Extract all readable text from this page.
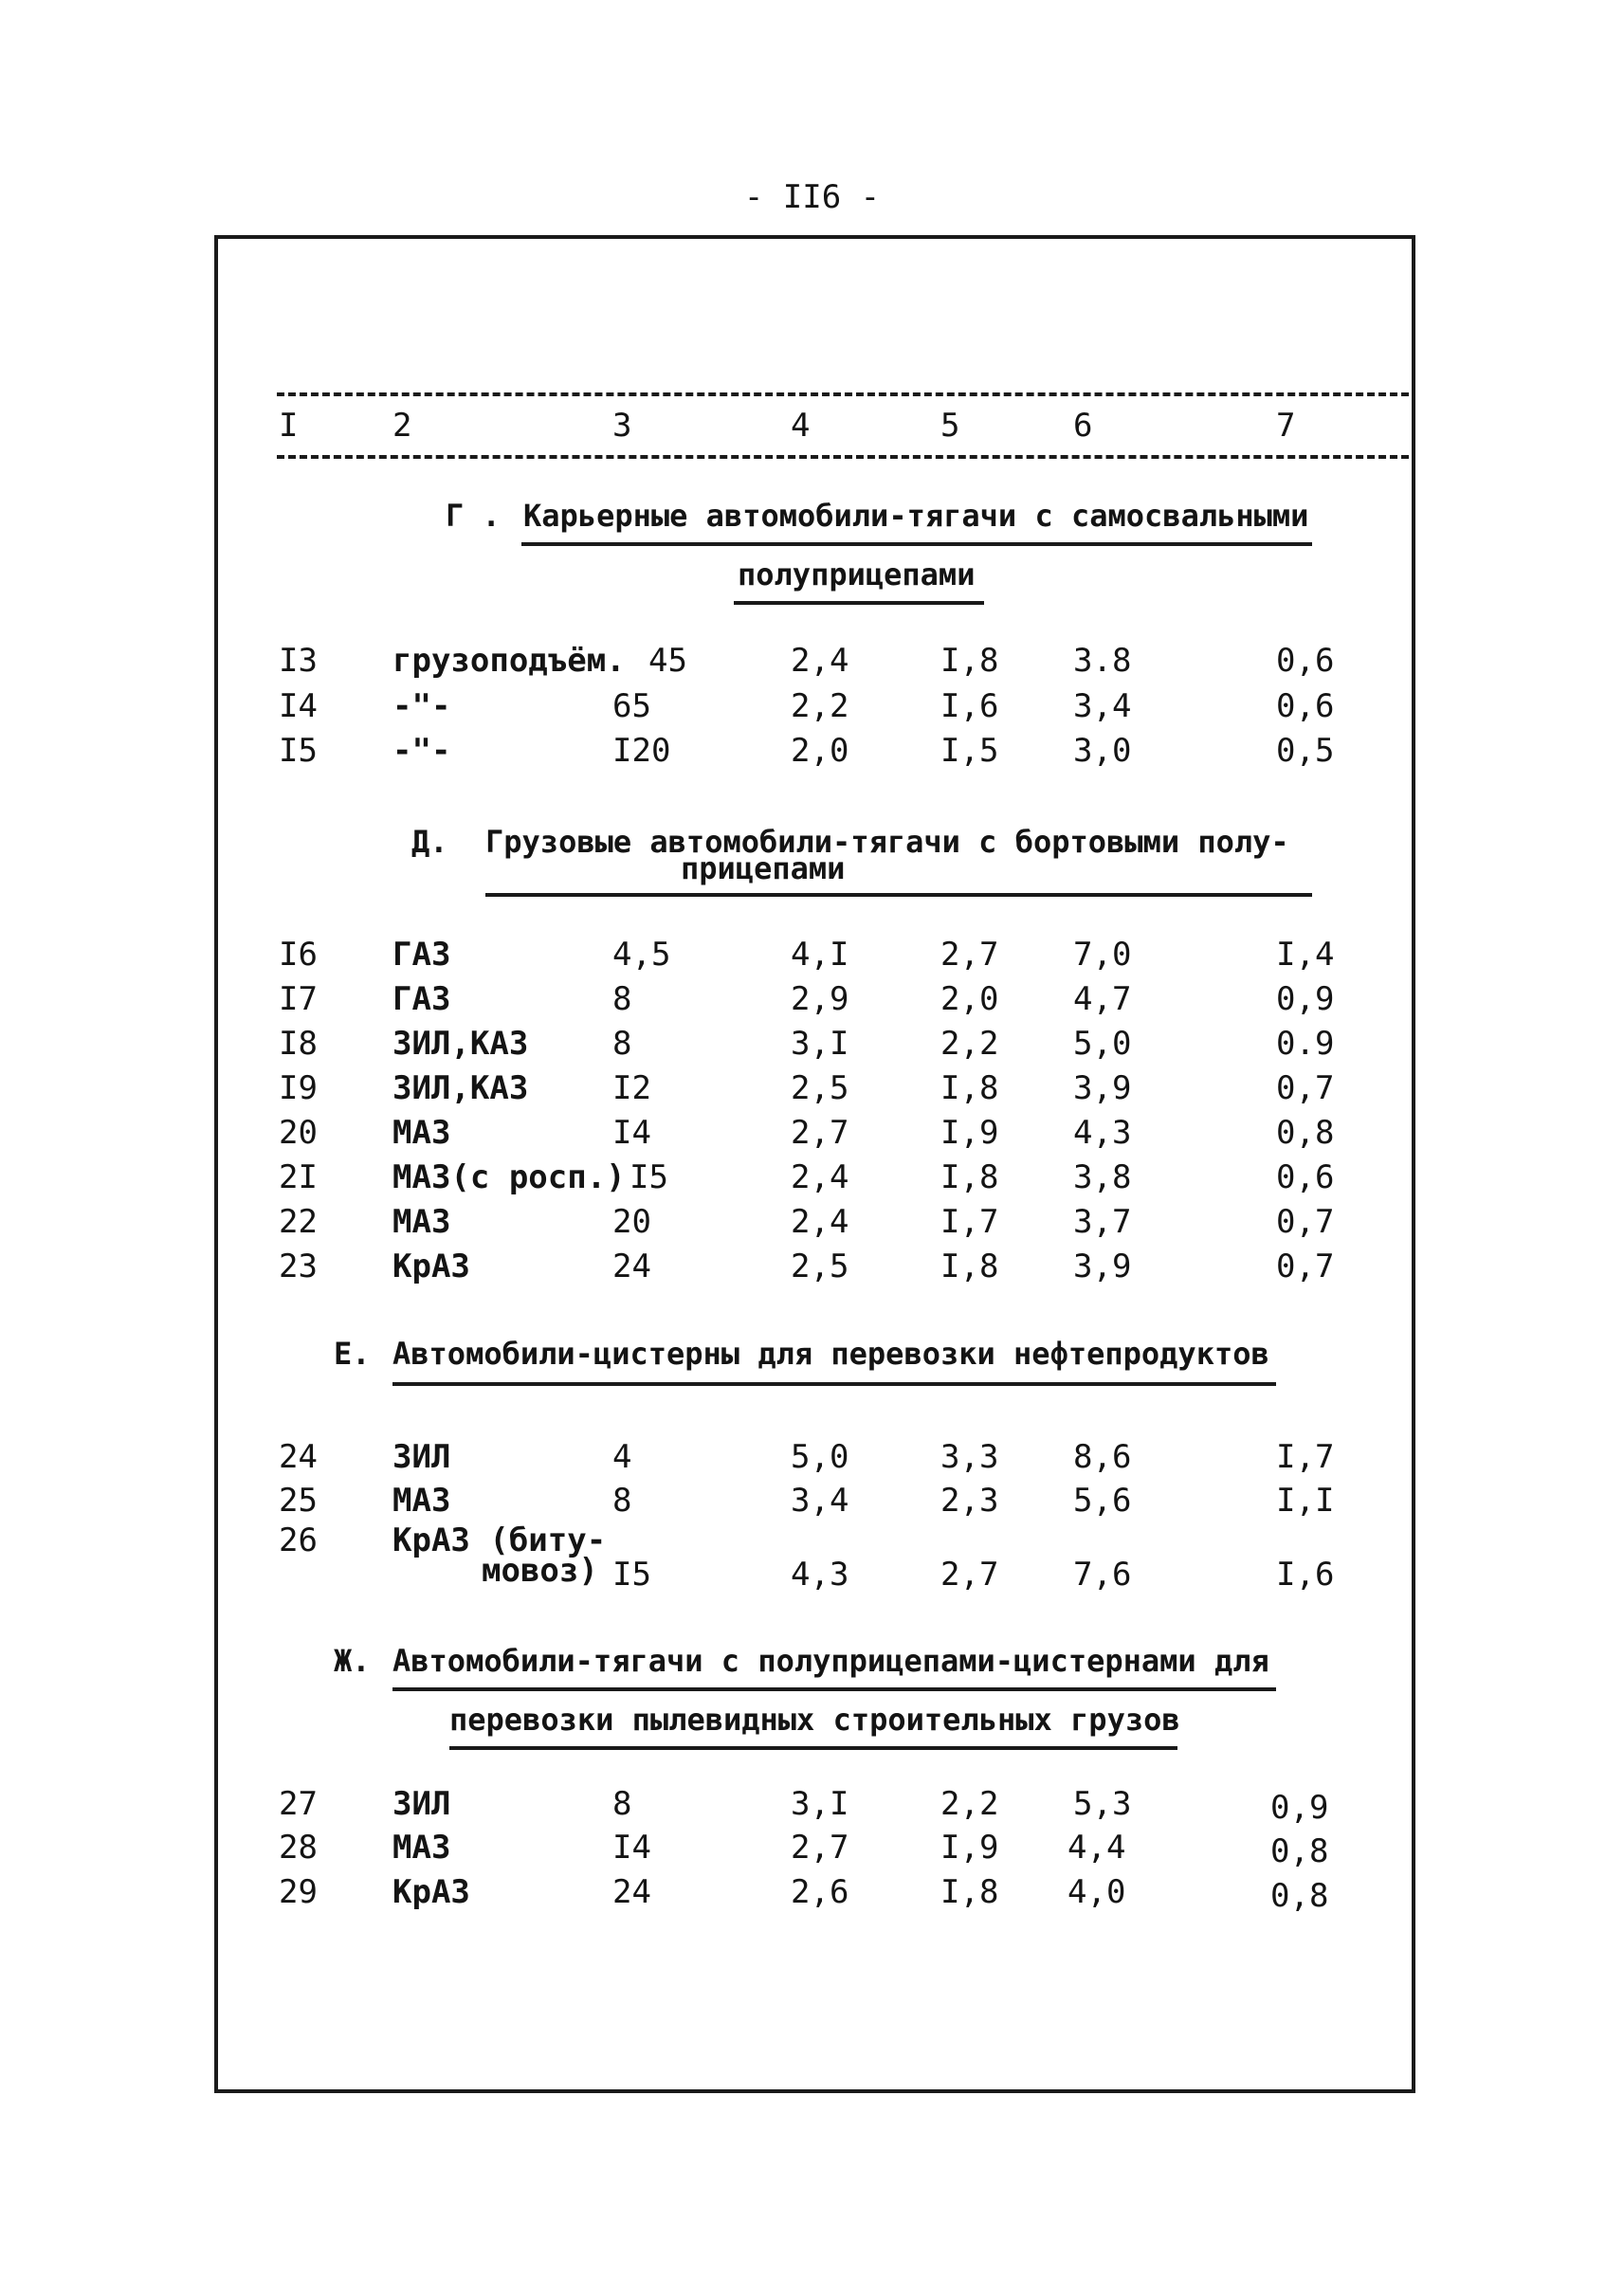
- II6 -
I	2	3	4	5	6	7
Г . Карьерные автомобили-тягачи с самосвальными
полуприцепами
I3 грузоподъём. 45	2,4	I,8 3.8	0,6
I4 -"-	65	2,2	I,6 3,4	0,6
I5 -"-	I20	2,0	I,5 3,0	0,5
Д. Грузовые автомобили-тягачи с бортовыми полу-
прицепами
I6 ГАЗ	4,5	4,I	2,7 7,0	I,4
I7 ГАЗ	8	2,9	2,0 4,7	0,9
I8 ЗИЛ,КАЗ	8	3,I	2,2 5,0	0.9
I9 ЗИЛ,КАЗ	I2	2,5	I,8 3,9	0,7
20 МАЗ	I4	2,7	I,9 4,3	0,8
2I МАЗ(с росп.) I5	2,4	I,8 3,8	0,6
22 МАЗ	20	2,4	I,7 3,7	0,7
23 КрАЗ	24	2,5	I,8 3,9	0,7
Е. Автомобили-цистерны для перевозки нефтепродуктов
24 ЗИЛ	4	5,0	3,3 8,6	I,7
25 МАЗ	8	3,4	2,3 5,6	I,I
26 КрАЗ (биту-
мовоз) I5	4,3	2,7 7,6	I,6
Ж. Автомобили-тягачи с полуприцепами-цистернами для
перевозки пылевидных строительных грузов
27 ЗИЛ	8	3,I	2,2 5,3	0,9
28 МАЗ	I4	2,7	I,9 4,4	0,8
29 КрАЗ	24	2,6	I,8 4,0	0,8
